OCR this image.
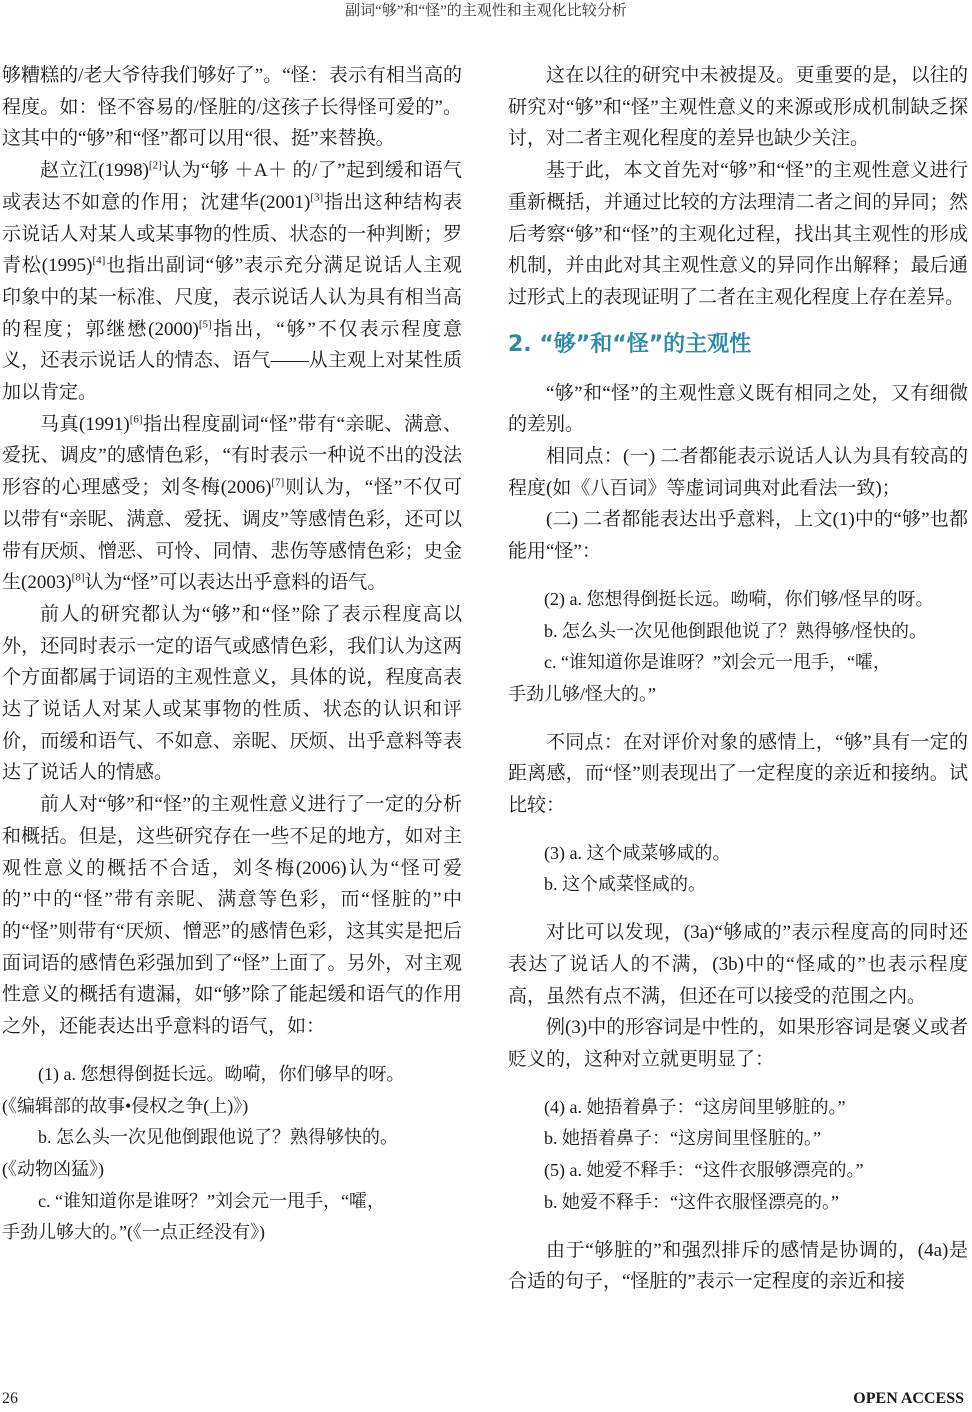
副词“够”和“怪”的主观性和主观化比较分析

够糟糕的/老大爷待我们够好了”。“怪：表示有相当高的程度。如：怪不容易的/怪脏的/这孩子长得怪可爱的”。这其中的“够”和“怪”都可以用“很、挺”来替换。

赵立江(1998)[2]认为“够 ＋A＋ 的/了”起到缓和语气或表达不如意的作用；沈建华(2001)[3]指出这种结构表示说话人对某人或某事物的性质、状态的一种判断；罗青松(1995)[4]也指出副词“够”表示充分满足说话人主观印象中的某一标准、尺度，表示说话人认为具有相当高的程度；郭继懋(2000)[5]指出，“够”不仅表示程度意义，还表示说话人的情态、语气——从主观上对某性质加以肯定。

马真(1991)[6]指出程度副词“怪”带有“亲昵、满意、爱抚、调皮”的感情色彩，“有时表示一种说不出的没法形容的心理感受；刘冬梅(2006)[7]则认为，“怪”不仅可以带有“亲昵、满意、爱抚、调皮”等感情色彩，还可以带有厌烦、憎恶、可怜、同情、悲伤等感情色彩；史金生(2003)[8]认为“怪”可以表达出乎意料的语气。

前人的研究都认为“够”和“怪”除了表示程度高以外，还同时表示一定的语气或感情色彩，我们认为这两个方面都属于词语的主观性意义，具体的说，程度高表达了说话人对某人或某事物的性质、状态的认识和评价，而缓和语气、不如意、亲昵、厌烦、出乎意料等表达了说话人的情感。

前人对“够”和“怪”的主观性意义进行了一定的分析和概括。但是，这些研究存在一些不足的地方，如对主观性意义的概括不合适，刘冬梅(2006)认为“怪可爱的”中的“怪”带有亲昵、满意等色彩，而“怪脏的”中的“怪”则带有“厌烦、憎恶”的感情色彩，这其实是把后面词语的感情色彩强加到了“怪”上面了。另外，对主观性意义的概括有遗漏，如“够”除了能起缓和语气的作用之外，还能表达出乎意料的语气，如：

(1) a. 您想得倒挺长远。呦嗬，你们够早的呀。

(《编辑部的故事•侵权之争(上)》)

b. 怎么头一次见他倒跟他说了？熟得够快的。

(《动物凶猛》)

c. “谁知道你是谁呀？”刘会元一甩手，“嚯，

手劲儿够大的。”(《一点正经没有》)

这在以往的研究中未被提及。更重要的是，以往的研究对“够”和“怪”主观性意义的来源或形成机制缺乏探讨，对二者主观化程度的差异也缺少关注。

基于此，本文首先对“够”和“怪”的主观性意义进行重新概括，并通过比较的方法理清二者之间的异同；然后考察“够”和“怪”的主观化过程，找出其主观性的形成机制，并由此对其主观性意义的异同作出解释；最后通过形式上的表现证明了二者在主观化程度上存在差异。

2. “够”和“怪”的主观性

“够”和“怪”的主观性意义既有相同之处，又有细微的差别。

相同点：(一) 二者都能表示说话人认为具有较高的程度(如《八百词》等虚词词典对此看法一致)；

(二) 二者都能表达出乎意料，上文(1)中的“够”也都能用“怪”：

(2) a. 您想得倒挺长远。呦嗬，你们够/怪早的呀。

b. 怎么头一次见他倒跟他说了？熟得够/怪快的。

c. “谁知道你是谁呀？”刘会元一甩手，“嚯，

手劲儿够/怪大的。”

不同点：在对评价对象的感情上，“够”具有一定的距离感，而“怪”则表现出了一定程度的亲近和接纳。试比较：

(3) a. 这个咸菜够咸的。

b. 这个咸菜怪咸的。

对比可以发现，(3a)“够咸的”表示程度高的同时还表达了说话人的不满，(3b)中的“怪咸的”也表示程度高，虽然有点不满，但还在可以接受的范围之内。

例(3)中的形容词是中性的，如果形容词是褒义或者贬义的，这种对立就更明显了：

(4) a. 她捂着鼻子：“这房间里够脏的。”

b. 她捂着鼻子：“这房间里怪脏的。”

(5) a. 她爱不释手：“这件衣服够漂亮的。”

b. 她爱不释手：“这件衣服怪漂亮的。”

由于“够脏的”和强烈排斥的感情是协调的，(4a)是合适的句子，“怪脏的”表示一定程度的亲近和接

26	OPEN ACCESS
